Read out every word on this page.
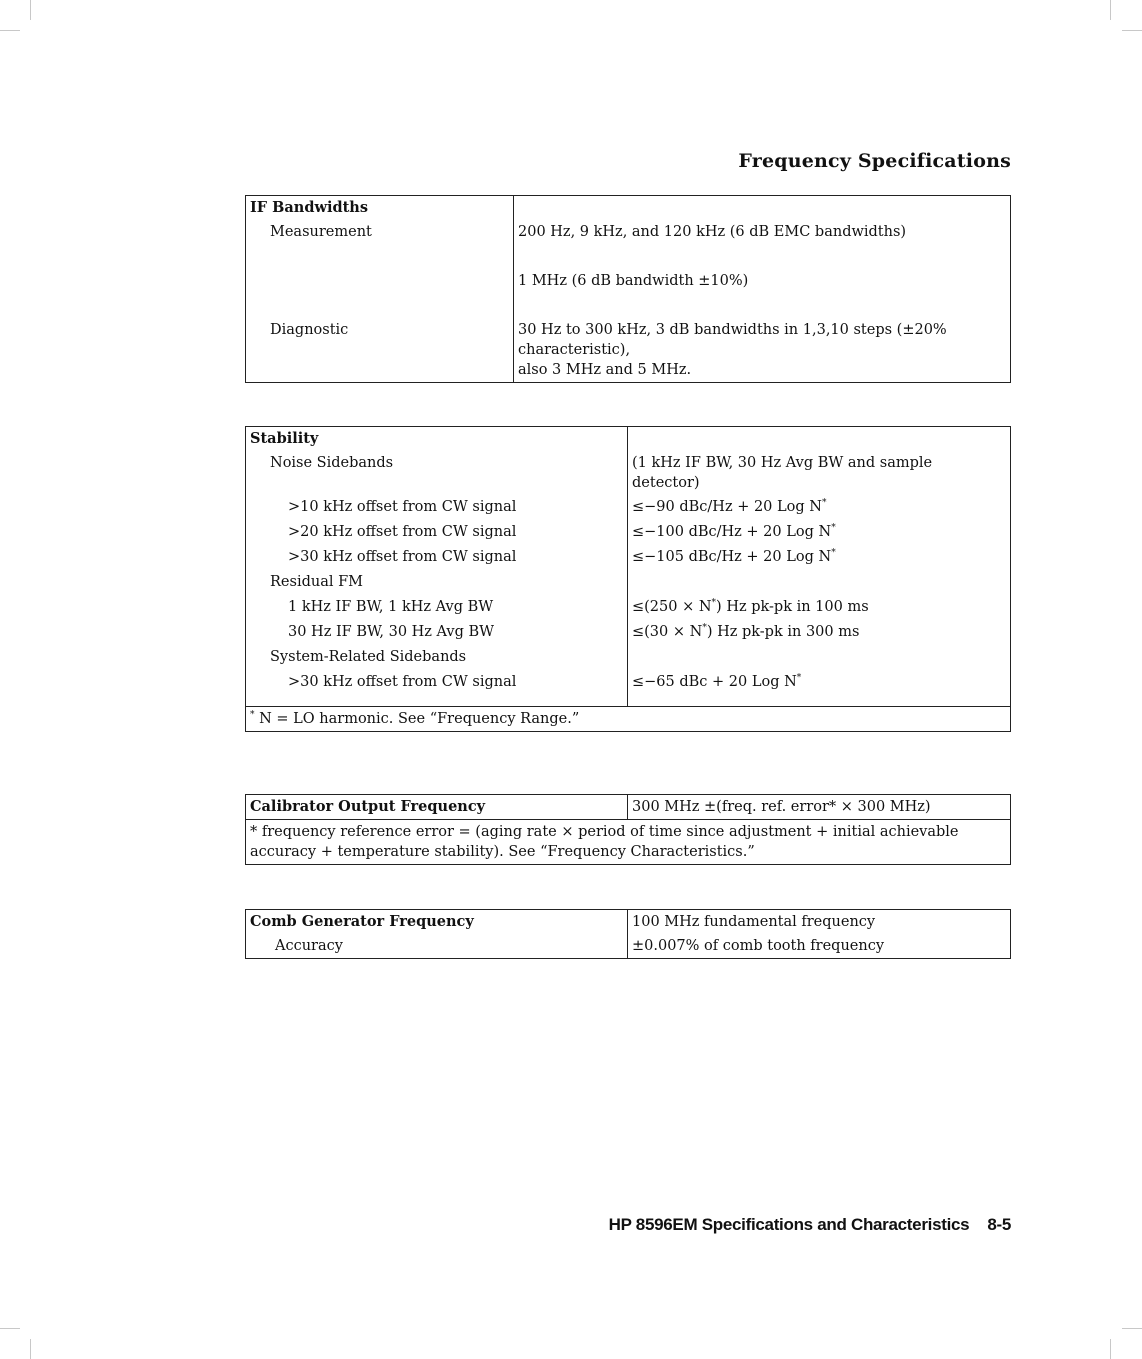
Frequency Specifications
IF Bandwidths	
Measurement	200 Hz, 9 kHz, and 120 kHz (6 dB EMC bandwidths)

	1 MHz (6 dB bandwidth ±10%)

Diagnostic	30 Hz to 300 kHz, 3 dB bandwidths in 1,3,10 steps (±20%
characteristic),
also 3 MHz and 5 MHz.
Stability	
Noise Sidebands	(1 kHz IF BW, 30 Hz Avg BW and sample
detector)

>10 kHz offset from CW signal	≤−90 dBc/Hz + 20 Log N*
>20 kHz offset from CW signal	≤−100 dBc/Hz + 20 Log N*
>30 kHz offset from CW signal	≤−105 dBc/Hz + 20 Log N*
Residual FM	
1 kHz IF BW, 1 kHz Avg BW	≤(250 × N*) Hz pk-pk in 100 ms
30 Hz IF BW, 30 Hz Avg BW	≤(30 × N*) Hz pk-pk in 300 ms
System-Related Sidebands	
>30 kHz offset from CW signal	≤−65 dBc + 20 Log N*
* N = LO harmonic. See “Frequency Range.”	
Calibrator Output Frequency	300 MHz ±(freq. ref. error* × 300 MHz)

* frequency reference error = (aging rate × period of time since adjustment + initial achievable
accuracy + temperature stability). See “Frequency Characteristics.”
Comb Generator Frequency	100 MHz fundamental frequency
Accuracy	±0.007% of comb tooth frequency
HP 8596EM Specifications and Characteristics 8-5
